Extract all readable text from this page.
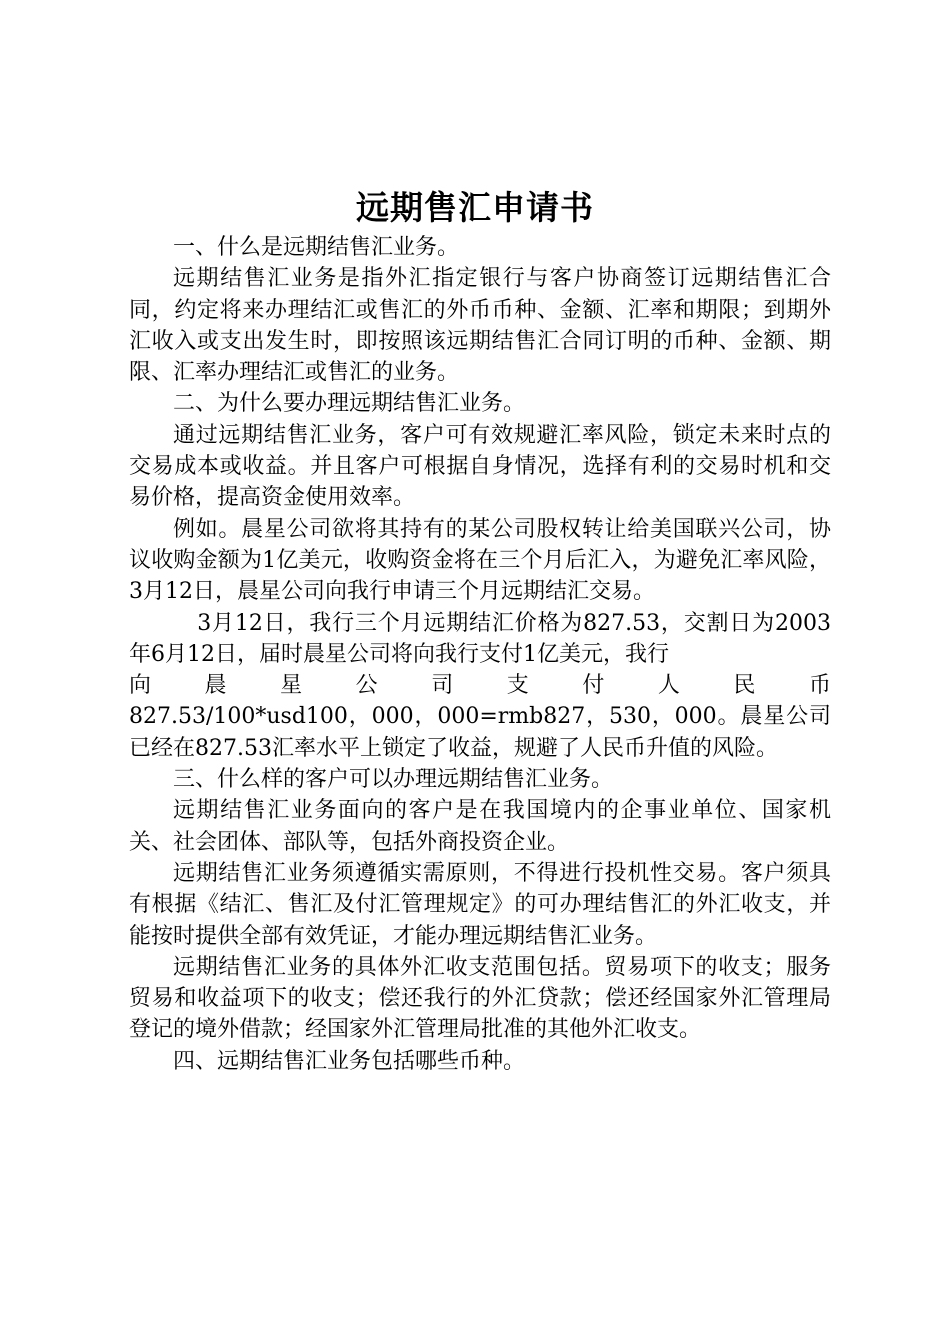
远期售汇申请书

一、什么是远期结售汇业务。

远期结售汇业务是指外汇指定银行与客户协商签订远期结售汇合同，约定将来办理结汇或售汇的外币币种、金额、汇率和期限；到期外汇收入或支出发生时，即按照该远期结售汇合同订明的币种、金额、期限、汇率办理结汇或售汇的业务。

二、为什么要办理远期结售汇业务。

通过远期结售汇业务，客户可有效规避汇率风险，锁定未来时点的交易成本或收益。并且客户可根据自身情况，选择有利的交易时机和交易价格，提高资金使用效率。

例如。晨星公司欲将其持有的某公司股权转让给美国联兴公司，协议收购金额为1亿美元，收购资金将在三个月后汇入，为避免汇率风险，3月12日，晨星公司向我行申请三个月远期结汇交易。

3月12日，我行三个月远期结汇价格为827.53，交割日为2003年6月12日，届时晨星公司将向我行支付1亿美元，我行

向晨星公司支付人民币

827.53/100*usd100，000，000=rmb827，530，000。晨星公司已经在827.53汇率水平上锁定了收益，规避了人民币升值的风险。

三、什么样的客户可以办理远期结售汇业务。

远期结售汇业务面向的客户是在我国境内的企事业单位、国家机关、社会团体、部队等，包括外商投资企业。

远期结售汇业务须遵循实需原则，不得进行投机性交易。客户须具有根据《结汇、售汇及付汇管理规定》的可办理结售汇的外汇收支，并能按时提供全部有效凭证，才能办理远期结售汇业务。

远期结售汇业务的具体外汇收支范围包括。贸易项下的收支；服务贸易和收益项下的收支；偿还我行的外汇贷款；偿还经国家外汇管理局登记的境外借款；经国家外汇管理局批准的其他外汇收支。

四、远期结售汇业务包括哪些币种。
